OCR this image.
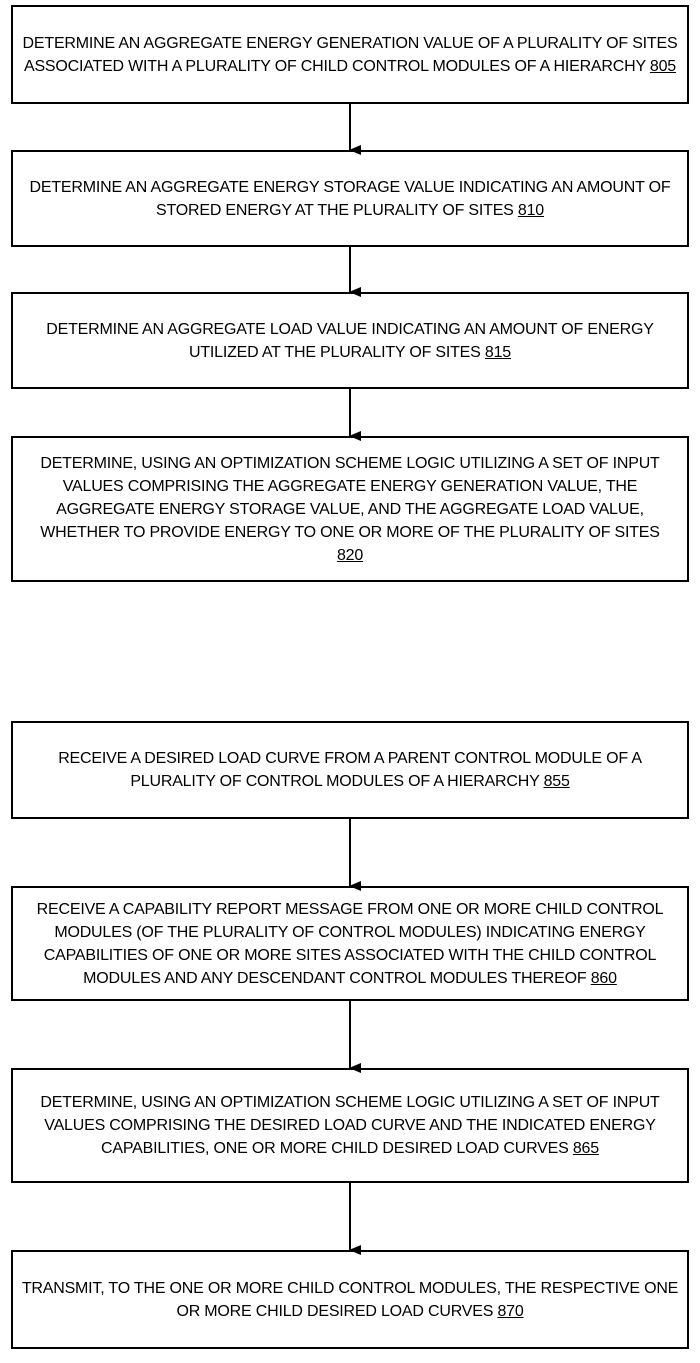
DETERMINE AN AGGREGATE ENERGY GENERATION VALUE OF A PLURALITY OF SITES ASSOCIATED WITH A PLURALITY OF CHILD CONTROL MODULES OF A HIERARCHY 805
DETERMINE AN AGGREGATE ENERGY STORAGE VALUE INDICATING AN AMOUNT OF STORED ENERGY AT THE PLURALITY OF SITES 810
DETERMINE AN AGGREGATE LOAD VALUE INDICATING AN AMOUNT OF ENERGY UTILIZED AT THE PLURALITY OF SITES 815
DETERMINE, USING AN OPTIMIZATION SCHEME LOGIC UTILIZING A SET OF INPUT VALUES COMPRISING THE AGGREGATE ENERGY GENERATION VALUE, THE AGGREGATE ENERGY STORAGE VALUE, AND THE AGGREGATE LOAD VALUE, WHETHER TO PROVIDE ENERGY TO ONE OR MORE OF THE PLURALITY OF SITES
820
RECEIVE A DESIRED LOAD CURVE FROM A PARENT CONTROL MODULE OF A PLURALITY OF CONTROL MODULES OF A HIERARCHY 855
RECEIVE A CAPABILITY REPORT MESSAGE FROM ONE OR MORE CHILD CONTROL MODULES (OF THE PLURALITY OF CONTROL MODULES) INDICATING ENERGY CAPABILITIES OF ONE OR MORE SITES ASSOCIATED WITH THE CHILD CONTROL MODULES AND ANY DESCENDANT CONTROL MODULES THEREOF 860
DETERMINE, USING AN OPTIMIZATION SCHEME LOGIC UTILIZING A SET OF INPUT VALUES COMPRISING THE DESIRED LOAD CURVE AND THE INDICATED ENERGY CAPABILITIES, ONE OR MORE CHILD DESIRED LOAD CURVES 865
TRANSMIT, TO THE ONE OR MORE CHILD CONTROL MODULES, THE RESPECTIVE ONE OR MORE CHILD DESIRED LOAD CURVES 870
